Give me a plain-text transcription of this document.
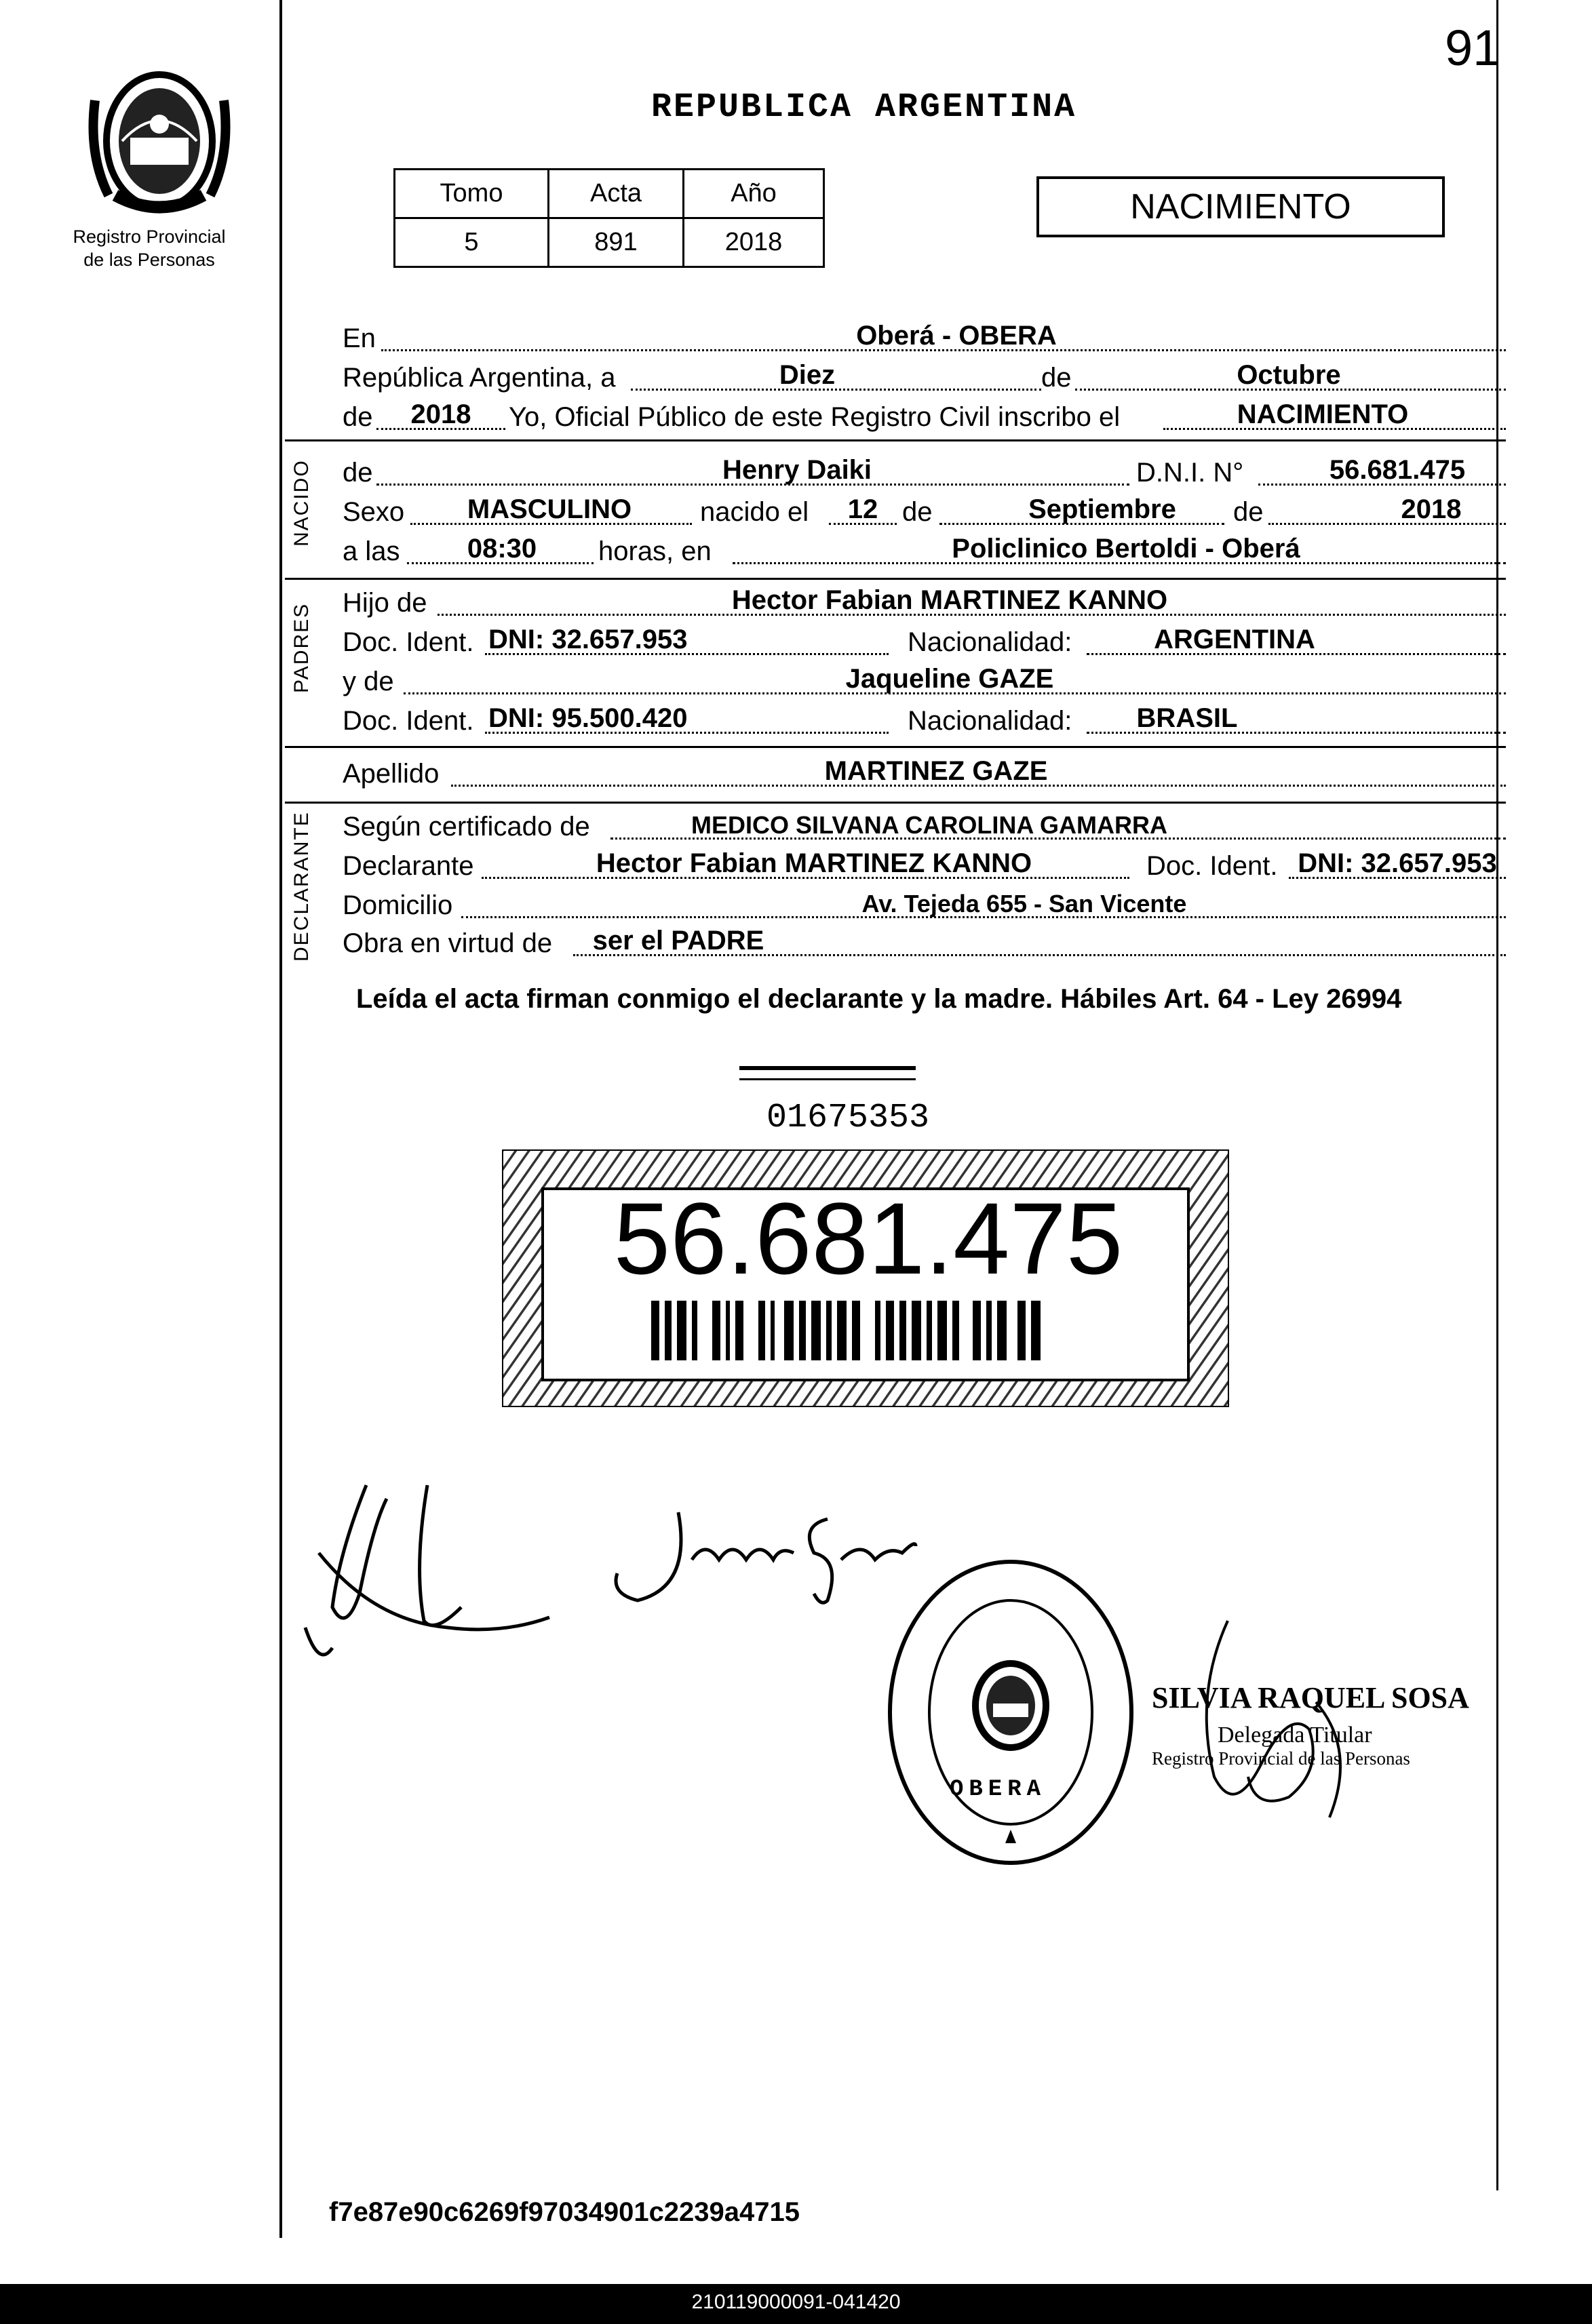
91
Registro Provincial
de las Personas
REPUBLICA ARGENTINA
Tomo	Acta	Año
5	891	2018
NACIMIENTO
En	Oberá - OBERA
República Argentina, a	Diez	de	Octubre
de	2018	Yo, Oficial Público de este Registro Civil inscribo el	NACIMIENTO
NACIDO de	Henry Daiki	D.N.I. N°	56.681.475
Sexo	MASCULINO	nacido el	12 de	Septiembre	de	2018
a las	08:30	horas, en	Policlinico Bertoldi - Oberá
PADRES Hijo de	Hector Fabian MARTINEZ KANNO
Doc. Ident. DNI: 32.657.953	Nacionalidad:	ARGENTINA
y de	Jaqueline GAZE
Doc. Ident. DNI: 95.500.420	Nacionalidad:	BRASIL
Apellido	MARTINEZ GAZE
DECLARANTE Según certificado de	MEDICO SILVANA CAROLINA GAMARRA
Declarante	Hector Fabian MARTINEZ KANNO	Doc. Ident. DNI: 32.657.953
Domicilio	Av. Tejeda 655 - San Vicente
Obra en virtud de	ser el PADRE
Leída el acta firman conmigo el declarante y la madre. Hábiles Art. 64 - Ley 26994
01675353
56.681.475
OBERA
SILVIA RAQUEL SOSA
Delegada Titular
Registro Provincial de las Personas
f7e87e90c6269f97034901c2239a4715
210119000091-041420
